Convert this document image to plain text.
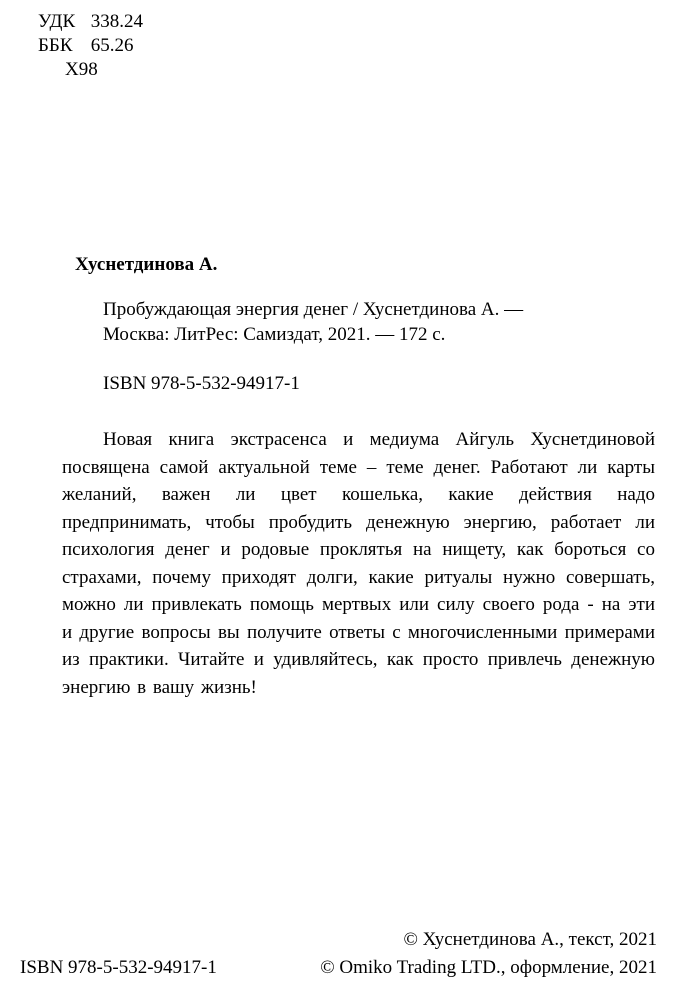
УДК 338.24
ББК 65.26
Х98

Хуснетдинова А.

Пробуждающая энергия денег / Хуснетдинова А. —

Москва: ЛитРес: Самиздат, 2021. — 172 с.

ISBN 978-5-532-94917-1

Новая книга экстрасенса и медиума Айгуль Хуснетдиновой посвящена самой актуальной теме – теме денег. Работают ли карты желаний, важен ли цвет кошелька, какие действия надо предпринимать, чтобы пробудить денежную энергию, работает ли психология денег и родовые проклятья на нищету, как бороться со страхами, почему приходят долги, какие ритуалы нужно совершать, можно ли привлекать помощь мертвых или силу своего рода - на эти и другие вопросы вы получите ответы с многочисленными примерами из практики. Читайте и удивляйтесь, как просто привлечь денежную энергию в вашу жизнь!

ISBN 978-5-532-94917-1
© Хуснетдинова А., текст, 2021
© Omiko Trading LTD., оформление, 2021
